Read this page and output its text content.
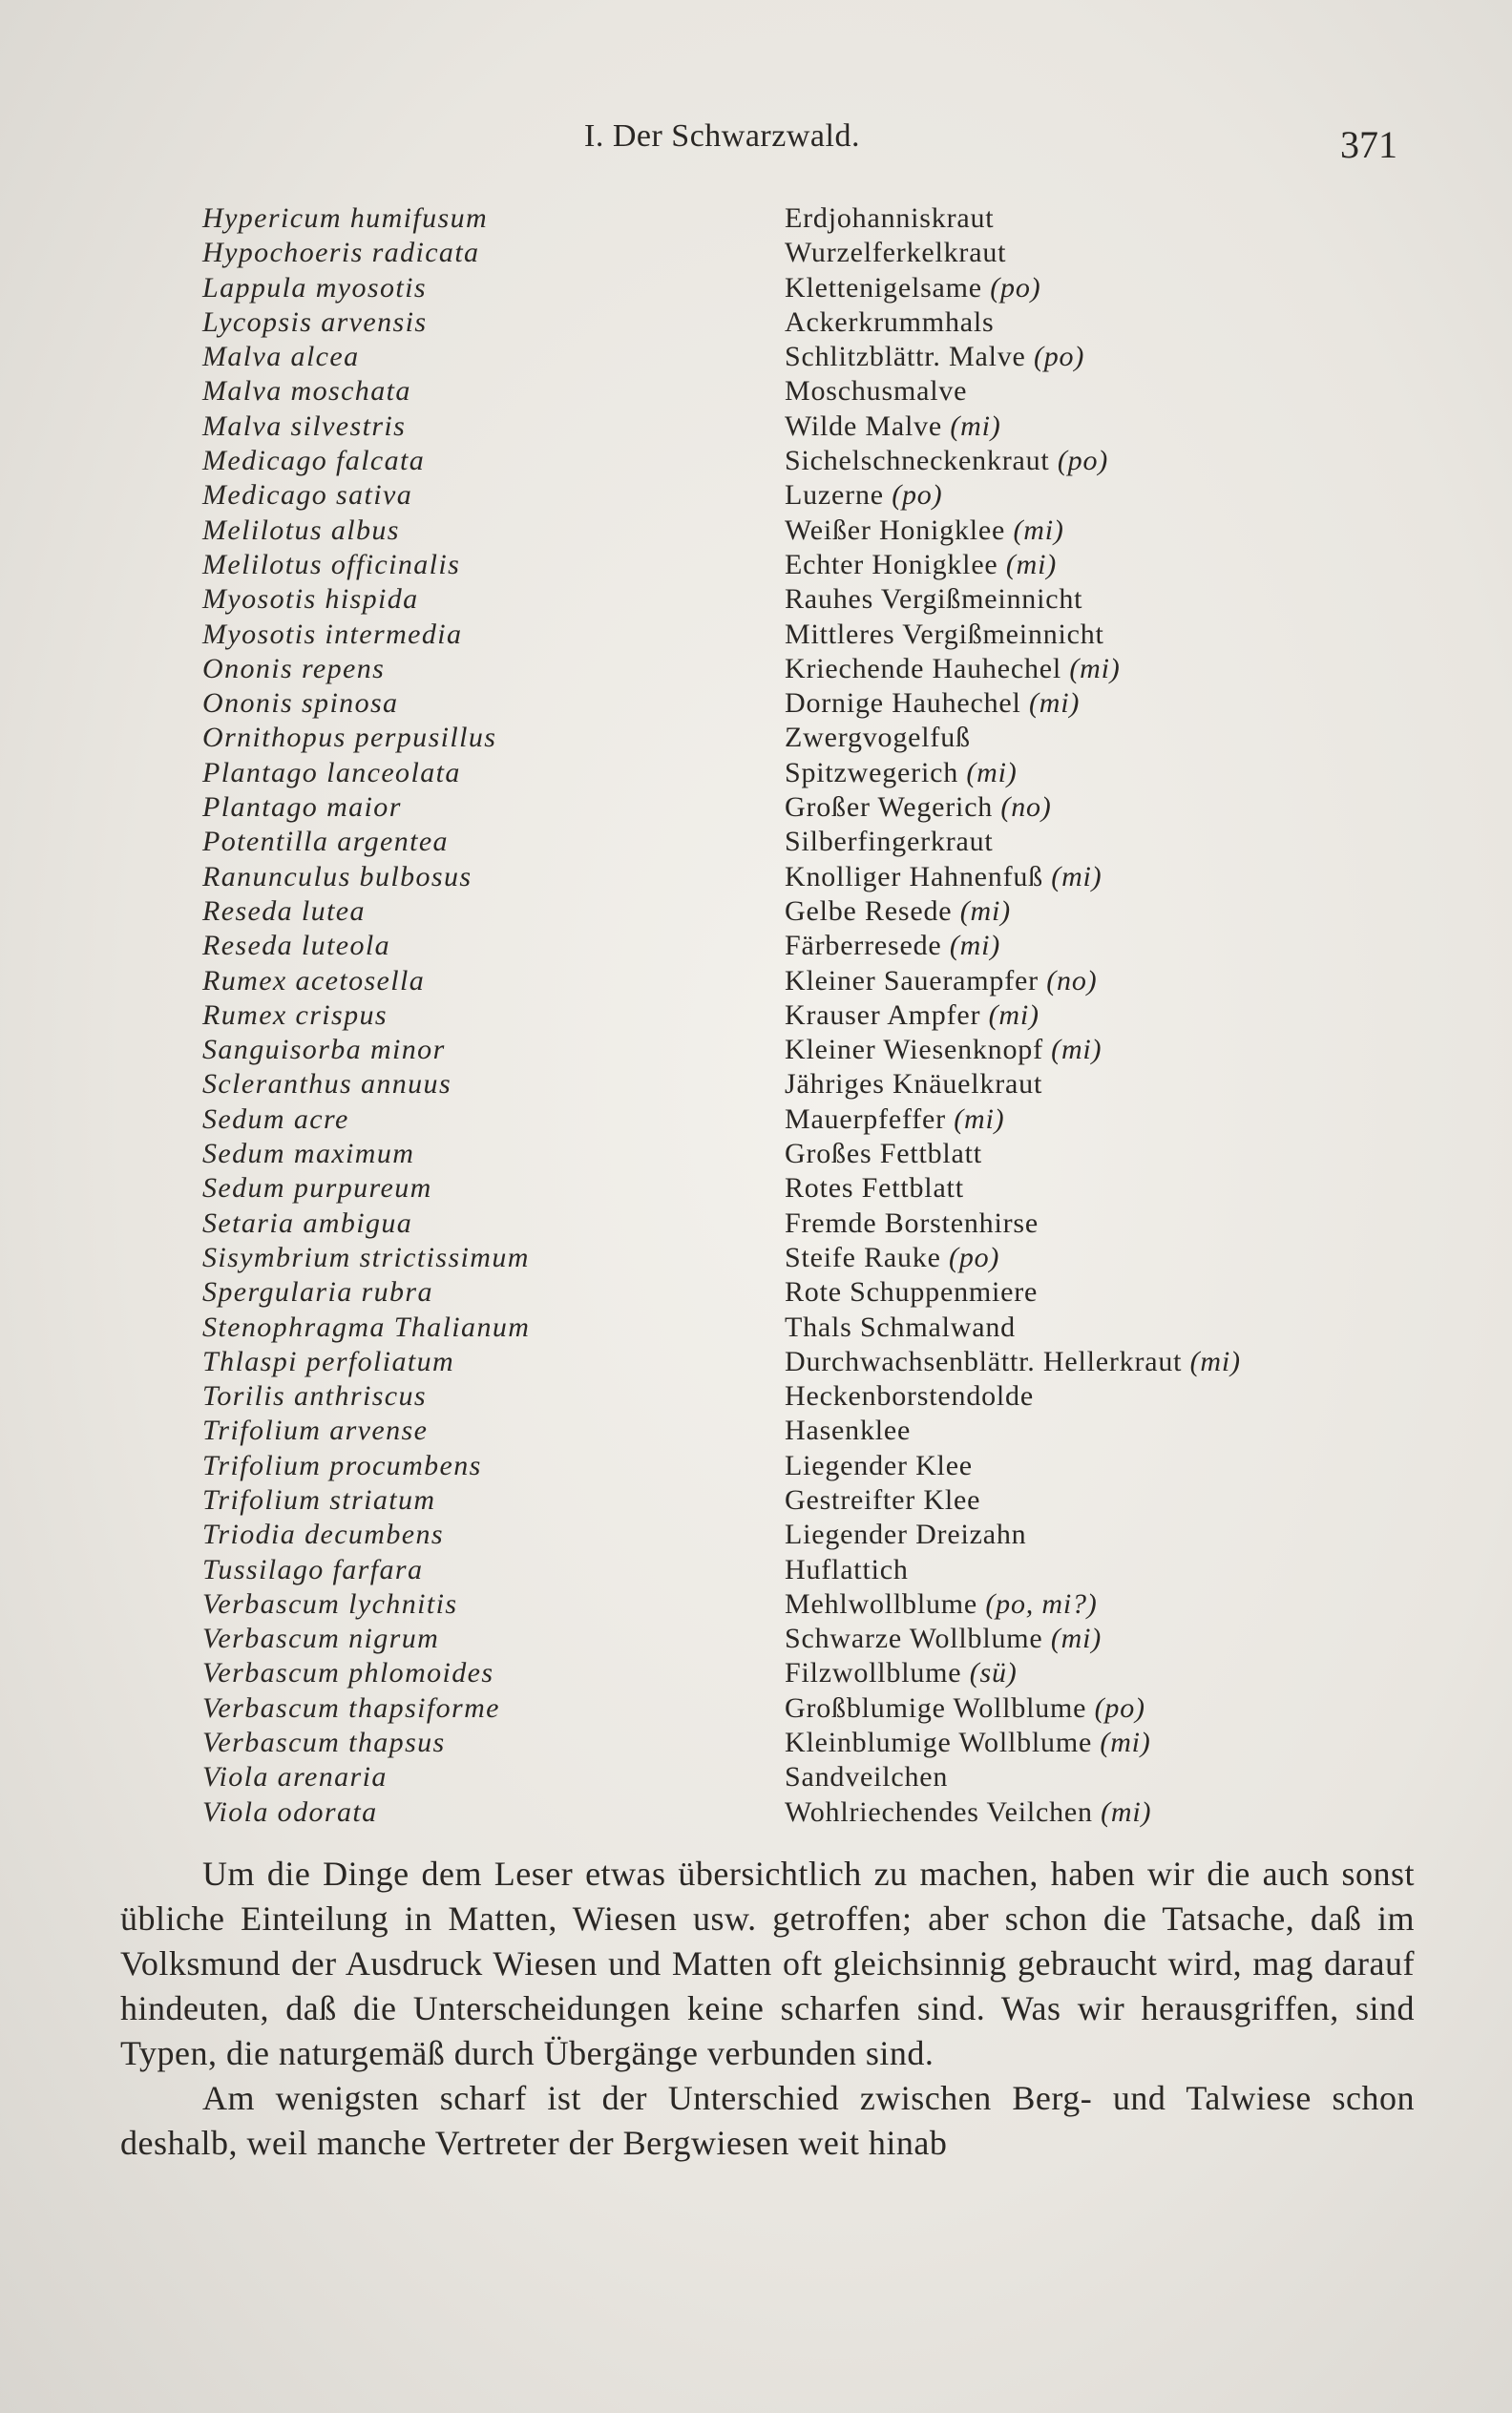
I. Der Schwarzwald.	371
Hypericum humifusum	Erdjohanniskraut
Hypochoeris radicata	Wurzelferkelkraut
Lappula myosotis	Klettenigelsame (po)
Lycopsis arvensis	Ackerkrummhals
Malva alcea	Schlitzblättr. Malve (po)
Malva moschata	Moschusmalve
Malva silvestris	Wilde Malve (mi)
Medicago falcata	Sichelschneckenkraut (po)
Medicago sativa	Luzerne (po)
Melilotus albus	Weißer Honigklee (mi)
Melilotus officinalis	Echter Honigklee (mi)
Myosotis hispida	Rauhes Vergißmeinnicht
Myosotis intermedia	Mittleres Vergißmeinnicht
Ononis repens	Kriechende Hauhechel (mi)
Ononis spinosa	Dornige Hauhechel (mi)
Ornithopus perpusillus	Zwergvogelfuß
Plantago lanceolata	Spitzwegerich (mi)
Plantago maior	Großer Wegerich (no)
Potentilla argentea	Silberfingerkraut
Ranunculus bulbosus	Knolliger Hahnenfuß (mi)
Reseda lutea	Gelbe Resede (mi)
Reseda luteola	Färberresede (mi)
Rumex acetosella	Kleiner Sauerampfer (no)
Rumex crispus	Krauser Ampfer (mi)
Sanguisorba minor	Kleiner Wiesenknopf (mi)
Scleranthus annuus	Jähriges Knäuelkraut
Sedum acre	Mauerpfeffer (mi)
Sedum maximum	Großes Fettblatt
Sedum purpureum	Rotes Fettblatt
Setaria ambigua	Fremde Borstenhirse
Sisymbrium strictissimum	Steife Rauke (po)
Spergularia rubra	Rote Schuppenmiere
Stenophragma Thalianum	Thals Schmalwand
Thlaspi perfoliatum	Durchwachsenblättr. Hellerkraut (mi)
Torilis anthriscus	Heckenborstendolde
Trifolium arvense	Hasenklee
Trifolium procumbens	Liegender Klee
Trifolium striatum	Gestreifter Klee
Triodia decumbens	Liegender Dreizahn
Tussilago farfara	Huflattich
Verbascum lychnitis	Mehlwollblume (po, mi?)
Verbascum nigrum	Schwarze Wollblume (mi)
Verbascum phlomoides	Filzwollblume (sü)
Verbascum thapsiforme	Großblumige Wollblume (po)
Verbascum thapsus	Kleinblumige Wollblume (mi)
Viola arenaria	Sandveilchen
Viola odorata	Wohlriechendes Veilchen (mi)

Um die Dinge dem Leser etwas übersichtlich zu machen, haben wir die auch sonst übliche Einteilung in Matten, Wiesen usw. getroffen; aber schon die Tatsache, daß im Volksmund der Ausdruck Wiesen und Matten oft gleichsinnig gebraucht wird, mag darauf hindeuten, daß die Unterscheidungen keine scharfen sind. Was wir herausgriffen, sind Typen, die naturgemäß durch Übergänge verbunden sind.

Am wenigsten scharf ist der Unterschied zwischen Berg- und Talwiese schon deshalb, weil manche Vertreter der Bergwiesen weit hinab
